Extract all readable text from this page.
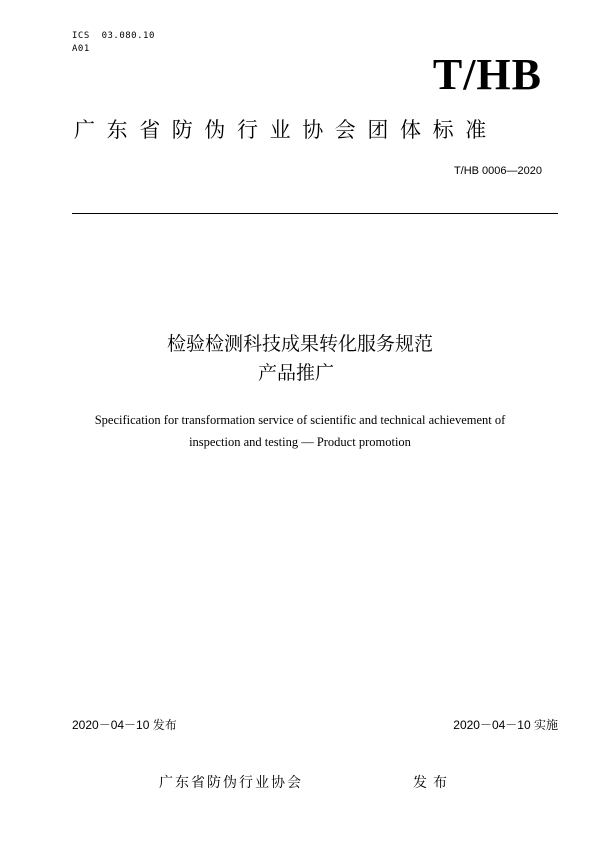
ICS  03.080.10
A01
T/HB
广东省防伪行业协会团体标准
T/HB 0006—2020
检验检测科技成果转化服务规范
产品推广
Specification for transformation service of scientific and technical achievement of
inspection and testing — Product promotion
2020－04－10 发布	2020－04－10 实施
广东省防伪行业协会	发布
